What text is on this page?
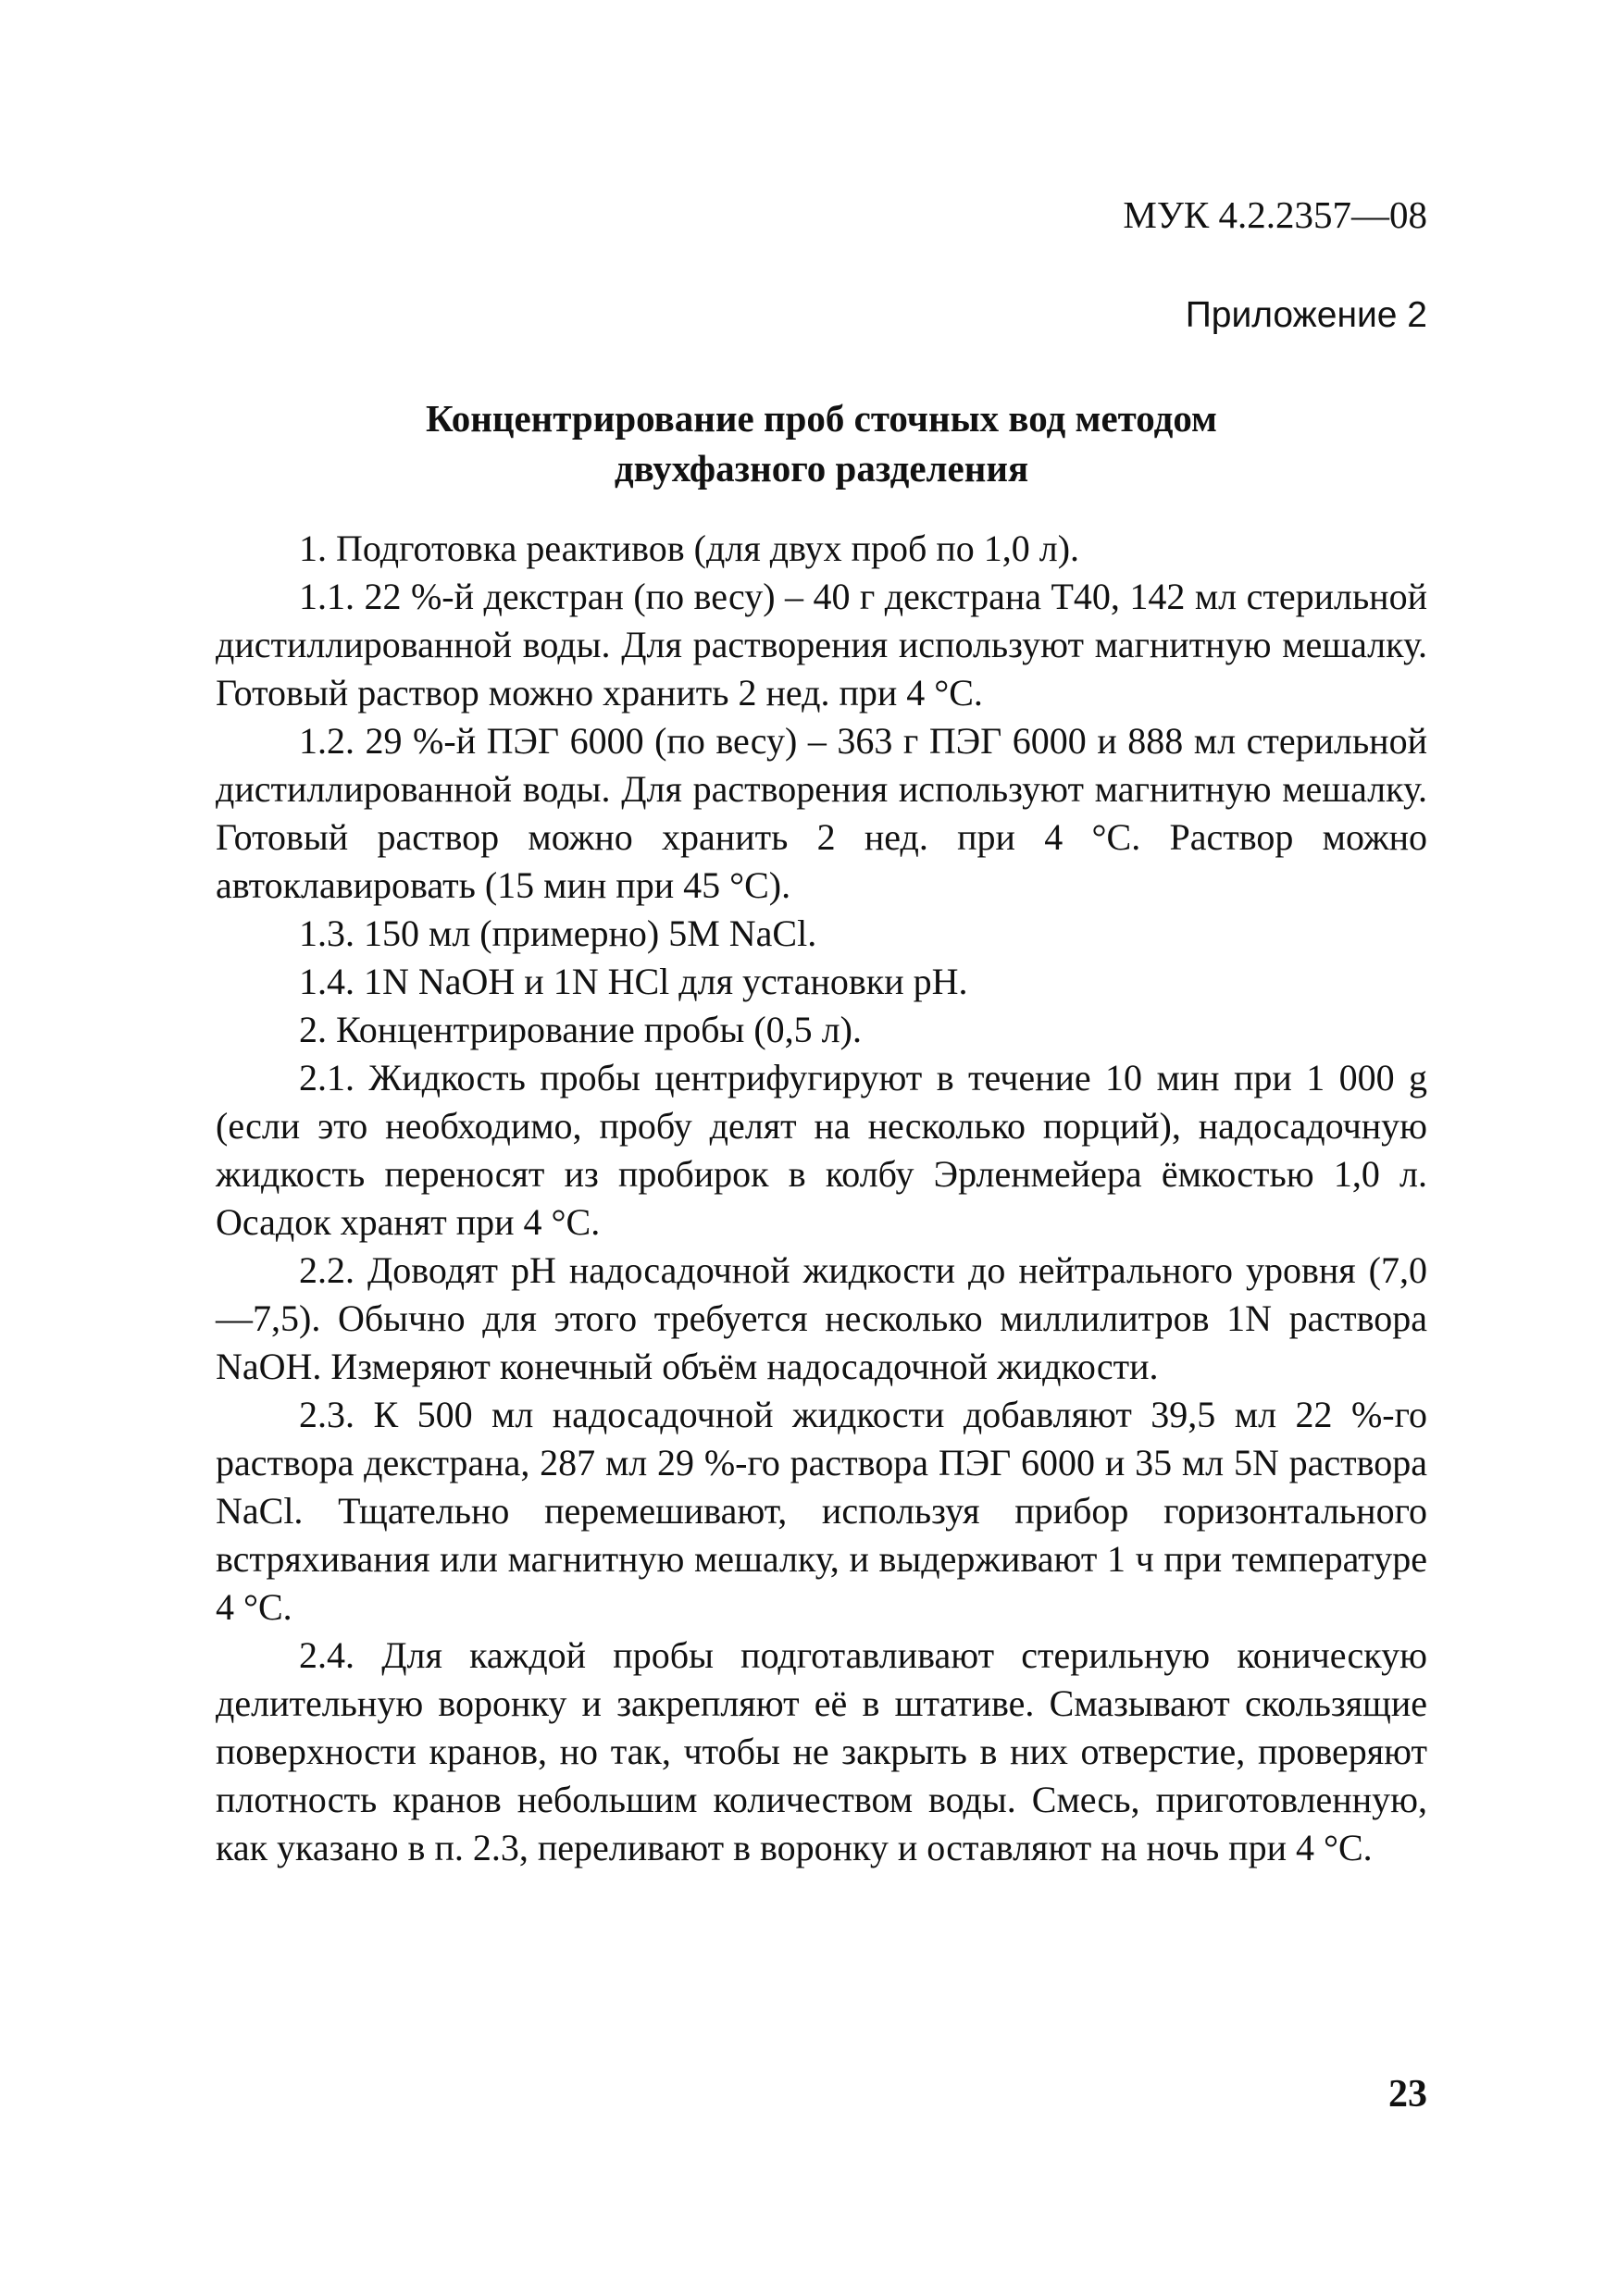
МУК 4.2.2357—08
Приложение 2
Концентрирование проб сточных вод методом
двухфазного разделения

1. Подготовка реактивов (для двух проб по 1,0 л).

1.1. 22 %-й декстран (по весу) – 40 г декстрана Т40, 142 мл стерильной дистиллированной воды. Для растворения используют магнитную мешалку. Готовый раствор можно хранить 2 нед. при 4 °С.

1.2. 29 %-й ПЭГ 6000 (по весу) – 363 г ПЭГ 6000 и 888 мл стерильной дистиллированной воды. Для растворения используют магнитную мешалку. Готовый раствор можно хранить 2 нед. при 4 °С. Раствор можно автоклавировать (15 мин при 45 °С).

1.3. 150 мл (примерно) 5M NaCl.

1.4. 1N NaOH и 1N HCl для установки pH.

2. Концентрирование пробы (0,5 л).

2.1. Жидкость пробы центрифугируют в течение 10 мин при 1 000 g (если это необходимо, пробу делят на несколько порций), надосадочную жидкость переносят из пробирок в колбу Эрленмейера ёмкостью 1,0 л. Осадок хранят при 4 °С.

2.2. Доводят pH надосадочной жидкости до нейтрального уровня (7,0—7,5). Обычно для этого требуется несколько миллилитров 1N раствора NaOH. Измеряют конечный объём надосадочной жидкости.

2.3. К 500 мл надосадочной жидкости добавляют 39,5 мл 22 %-го раствора декстрана, 287 мл 29 %-го раствора ПЭГ 6000 и 35 мл 5N раствора NaCl. Тщательно перемешивают, используя прибор горизонтального встряхивания или магнитную мешалку, и выдерживают 1 ч при температуре 4 °С.

2.4. Для каждой пробы подготавливают стерильную коническую делительную воронку и закрепляют её в штативе. Смазывают скользящие поверхности кранов, но так, чтобы не закрыть в них отверстие, проверяют плотность кранов небольшим количеством воды. Смесь, приготовленную, как указано в п. 2.3, переливают в воронку и оставляют на ночь при 4 °С.

23
